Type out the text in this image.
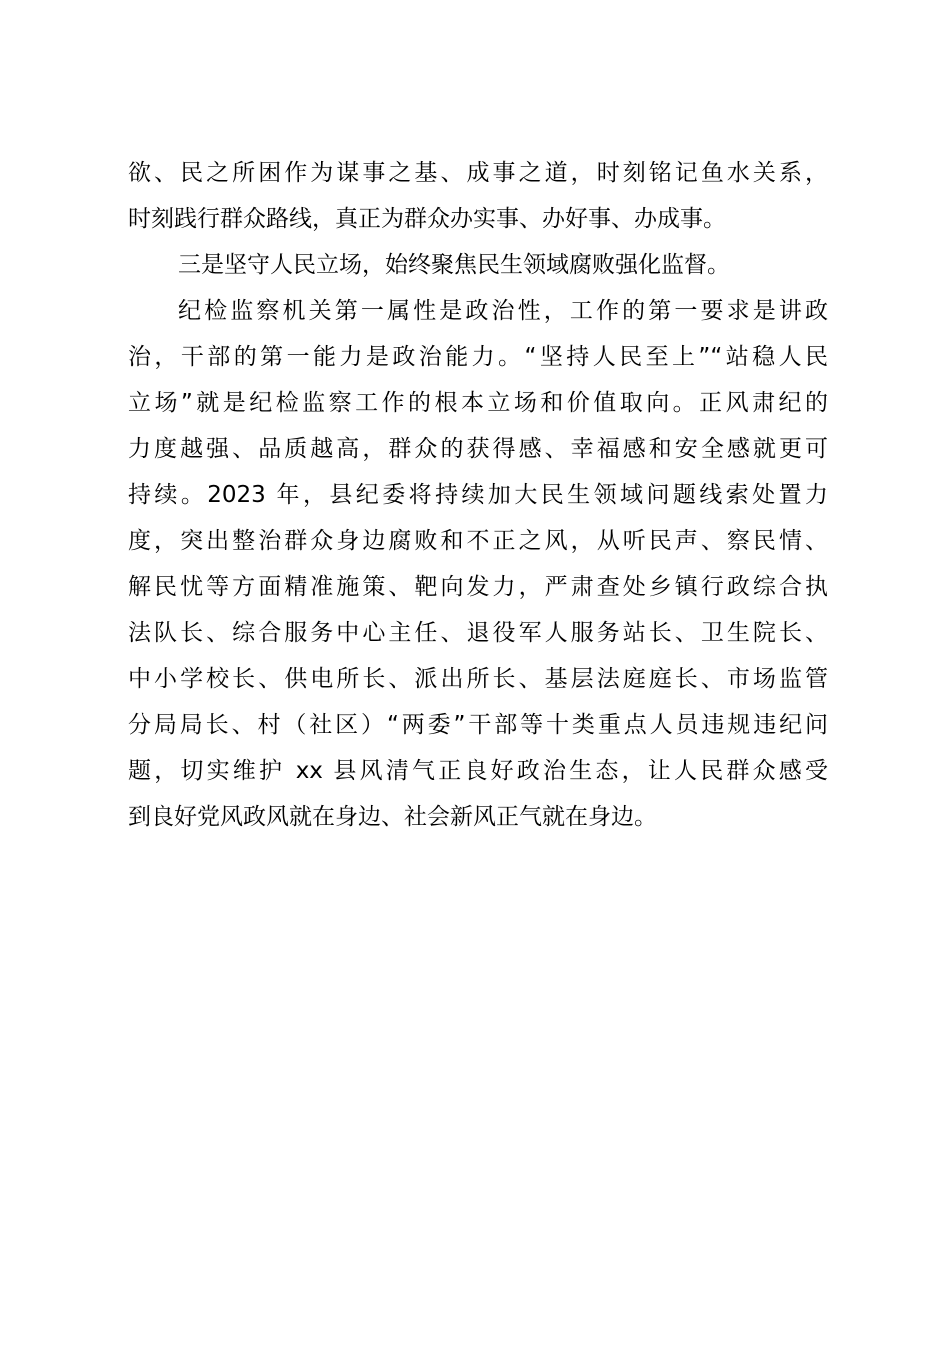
欲、民之所困作为谋事之基、成事之道，时刻铭记鱼水关系，
时刻践行群众路线，真正为群众办实事、办好事、办成事。
三是坚守人民立场，始终聚焦民生领域腐败强化监督。
纪检监察机关第一属性是政治性，工作的第一要求是讲政
治，干部的第一能力是政治能力。“坚持人民至上”“站稳人民
立场”就是纪检监察工作的根本立场和价值取向。正风肃纪的
力度越强、品质越高，群众的获得感、幸福感和安全感就更可
持续。2023 年，县纪委将持续加大民生领域问题线索处置力
度，突出整治群众身边腐败和不正之风，从听民声、察民情、
解民忧等方面精准施策、靶向发力，严肃查处乡镇行政综合执
法队长、综合服务中心主任、退役军人服务站长、卫生院长、
中小学校长、供电所长、派出所长、基层法庭庭长、市场监管
分局局长、村（社区）“两委”干部等十类重点人员违规违纪问
题，切实维护 xx 县风清气正良好政治生态，让人民群众感受
到良好党风政风就在身边、社会新风正气就在身边。
